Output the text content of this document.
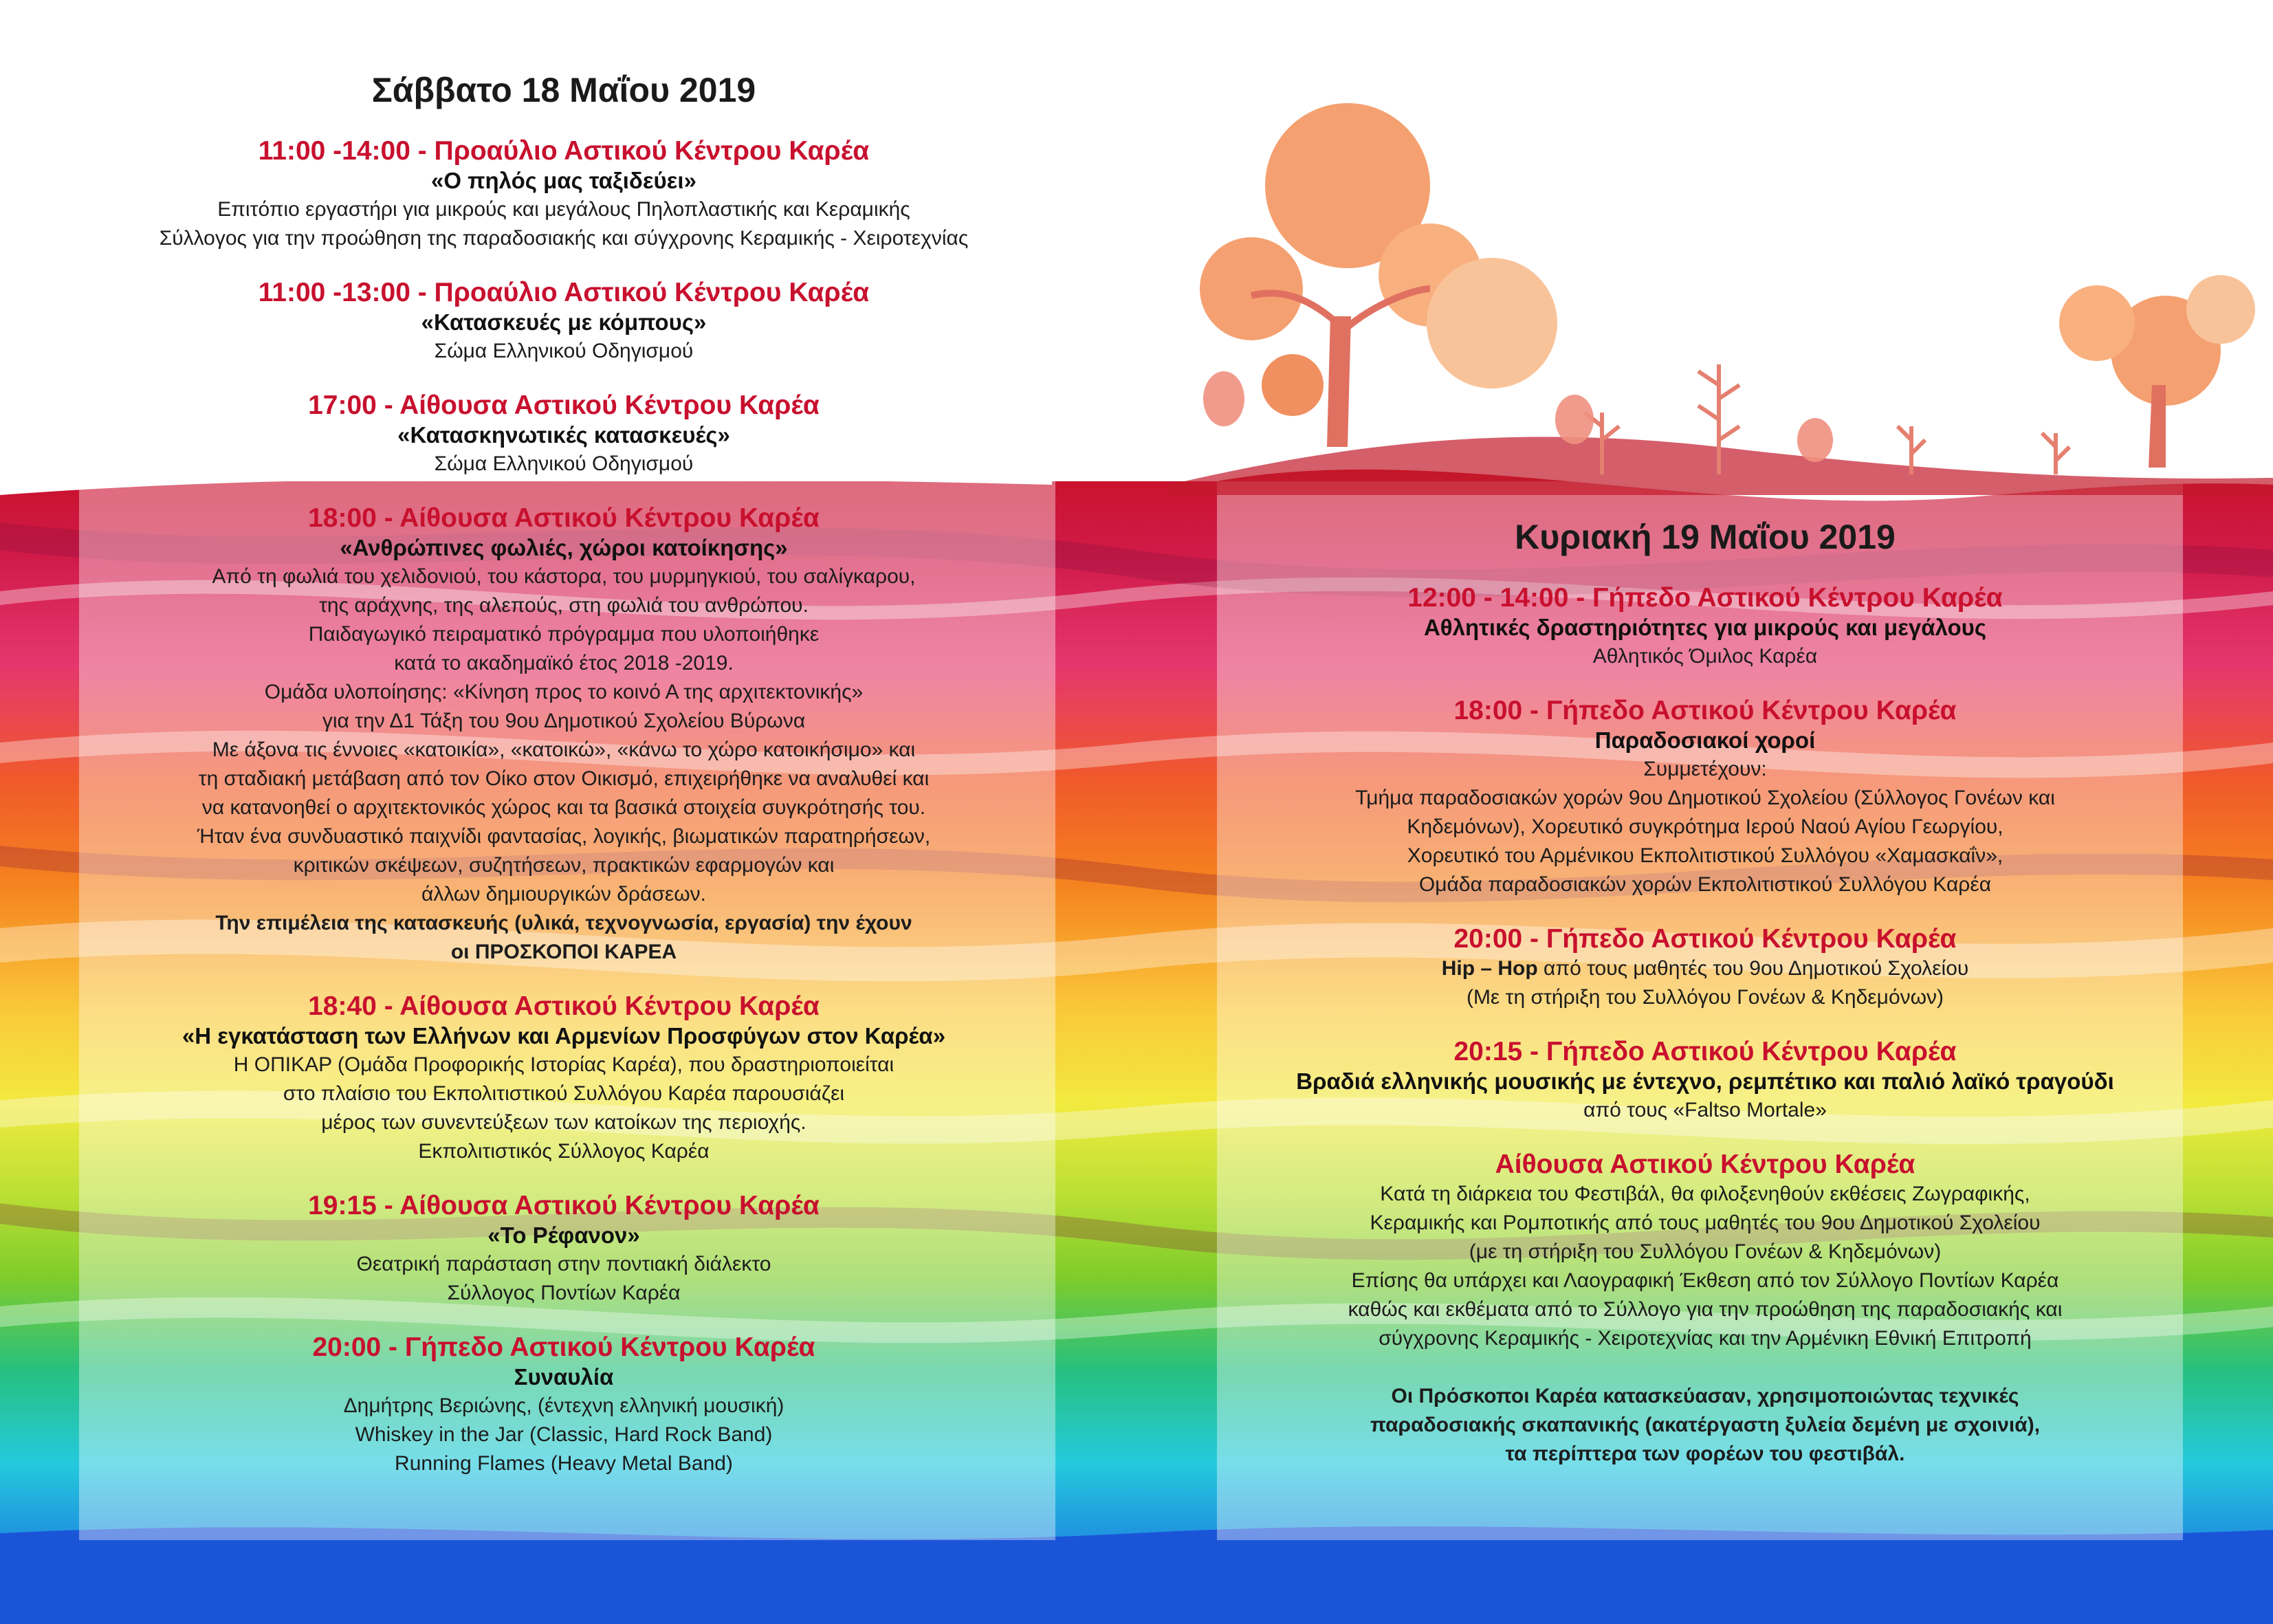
Σάββατο 18 Μαΐου 2019

11:00 -14:00 - Προαύλιο Αστικού Κέντρου Καρέα

«Ο πηλός μας ταξιδεύει»

Επιτόπιο εργαστήρι για μικρούς και μεγάλους Πηλοπλαστικής και Κεραμικής

Σύλλογος για την προώθηση της παραδοσιακής και σύγχρονης Κεραμικής - Χειροτεχνίας

11:00 -13:00 - Προαύλιο Αστικού Κέντρου Καρέα

«Κατασκευές με κόμπους»

Σώμα Ελληνικού Οδηγισμού

17:00 - Αίθουσα Αστικού Κέντρου Καρέα

«Κατασκηνωτικές κατασκευές»

Σώμα Ελληνικού Οδηγισμού

18:00 - Αίθουσα Αστικού Κέντρου Καρέα

«Ανθρώπινες φωλιές, χώροι κατοίκησης»

Από τη φωλιά του χελιδονιού, του κάστορα, του μυρμηγκιού, του σαλίγκαρου,

της αράχνης, της αλεπούς, στη φωλιά του ανθρώπου.

Παιδαγωγικό πειραματικό πρόγραμμα που υλοποιήθηκε

κατά το ακαδημαϊκό έτος 2018 -2019.

Ομάδα υλοποίησης: «Κίνηση προς το κοινό Α της αρχιτεκτονικής»

για την Δ1 Τάξη του 9ου Δημοτικού Σχολείου Βύρωνα

Με άξονα τις έννοιες «κατοικία», «κατοικώ», «κάνω το χώρο κατοικήσιμο» και

τη σταδιακή μετάβαση από τον Οίκο στον Οικισμό, επιχειρήθηκε να αναλυθεί και

να κατανοηθεί ο αρχιτεκτονικός χώρος και τα βασικά στοιχεία συγκρότησής του.

Ήταν ένα συνδυαστικό παιχνίδι φαντασίας, λογικής, βιωματικών παρατηρήσεων,

κριτικών σκέψεων, συζητήσεων, πρακτικών εφαρμογών και

άλλων δημιουργικών δράσεων.

Την επιμέλεια της κατασκευής (υλικά, τεχνογνωσία, εργασία) την έχουν

οι ΠΡΟΣΚΟΠΟΙ ΚΑΡΕΑ

18:40 - Αίθουσα Αστικού Κέντρου Καρέα

«Η εγκατάσταση των Ελλήνων και Αρμενίων Προσφύγων στον Καρέα»

Η ΟΠΙΚΑΡ (Ομάδα Προφορικής Ιστορίας Καρέα), που δραστηριοποιείται

στο πλαίσιο του Εκπολιτιστικού Συλλόγου Καρέα παρουσιάζει

μέρος των συνεντεύξεων των κατοίκων της περιοχής.

Εκπολιτιστικός Σύλλογος Καρέα

19:15 - Αίθουσα Αστικού Κέντρου Καρέα

«Το Ρέφανον»

Θεατρική παράσταση στην ποντιακή διάλεκτο

Σύλλογος Ποντίων Καρέα

20:00 - Γήπεδο Αστικού Κέντρου Καρέα

Συναυλία

Δημήτρης Βεριώνης, (έντεχνη ελληνική μουσική)

Whiskey in the Jar (Classic, Hard Rock Band)

Running Flames (Heavy Metal Band)

Κυριακή 19 Μαΐου 2019

12:00 - 14:00 - Γήπεδο Αστικού Κέντρου Καρέα

Αθλητικές δραστηριότητες για μικρούς και μεγάλους

Αθλητικός Όμιλος Καρέα

18:00 - Γήπεδο Αστικού Κέντρου Καρέα

Παραδοσιακοί χοροί

Συμμετέχουν:

Τμήμα παραδοσιακών χορών 9ου Δημοτικού Σχολείου (Σύλλογος Γονέων και

Κηδεμόνων), Χορευτικό συγκρότημα Ιερού Ναού Αγίου Γεωργίου,

Χορευτικό του Αρμένικου Εκπολιτιστικού Συλλόγου «Χαμασκαΐν»,

Ομάδα παραδοσιακών χορών Εκπολιτιστικού Συλλόγου Καρέα

20:00 - Γήπεδο Αστικού Κέντρου Καρέα

Hip – Hop από τους μαθητές του 9ου Δημοτικού Σχολείου

(Με τη στήριξη του Συλλόγου Γονέων & Κηδεμόνων)

20:15 - Γήπεδο Αστικού Κέντρου Καρέα

Βραδιά ελληνικής μουσικής με έντεχνο, ρεμπέτικο και παλιό λαϊκό τραγούδι

από τους «Faltso Mortale»

Αίθουσα Αστικού Κέντρου Καρέα

Κατά τη διάρκεια του Φεστιβάλ, θα φιλοξενηθούν εκθέσεις Ζωγραφικής,

Κεραμικής και Ρομποτικής από τους μαθητές του 9ου Δημοτικού Σχολείου

(με τη στήριξη του Συλλόγου Γονέων & Κηδεμόνων)

Επίσης θα υπάρχει και Λαογραφική Έκθεση από τον Σύλλογο Ποντίων Καρέα

καθώς και εκθέματα από το Σύλλογο για την προώθηση της παραδοσιακής και

σύγχρονης Κεραμικής - Χειροτεχνίας και την Αρμένικη Εθνική Επιτροπή

Οι Πρόσκοποι Καρέα κατασκεύασαν, χρησιμοποιώντας τεχνικές

παραδοσιακής σκαπανικής (ακατέργαστη ξυλεία δεμένη με σχοινιά),

τα περίπτερα των φορέων του φεστιβάλ.
